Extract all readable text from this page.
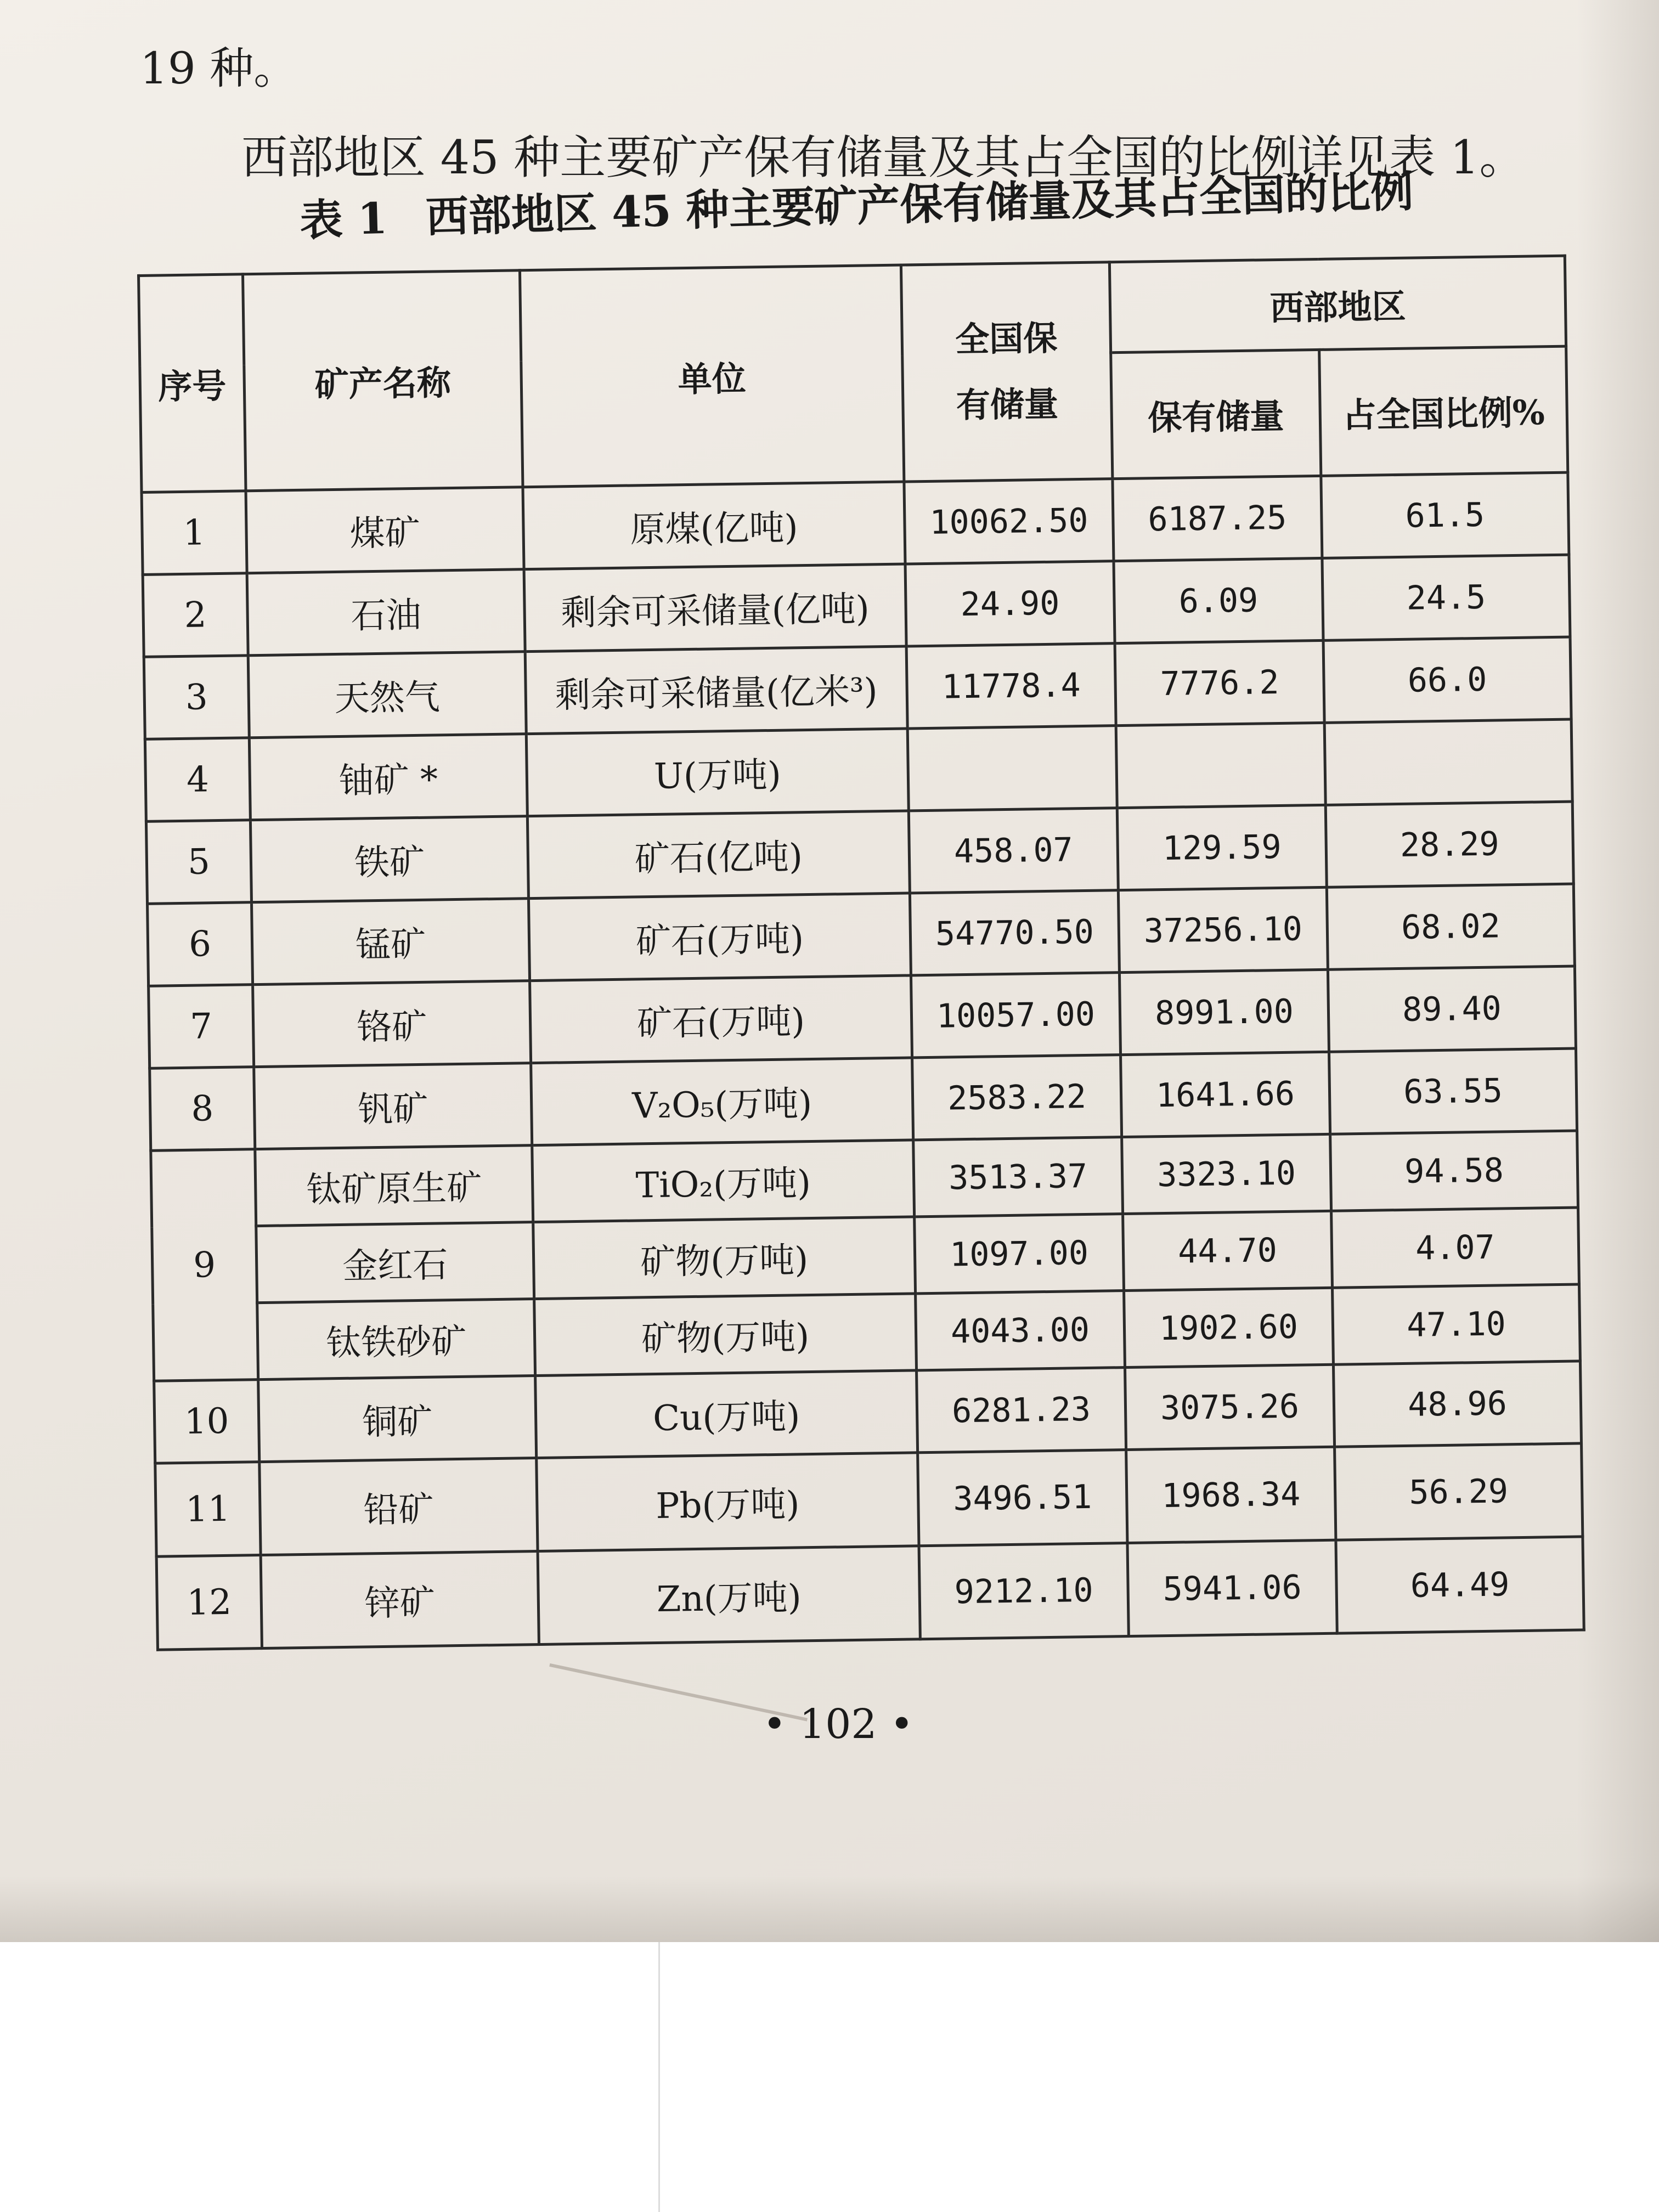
19 种。
西部地区 45 种主要矿产保有储量及其占全国的比例详见表 1。
表 1 西部地区 45 种主要矿产保有储量及其占全国的比例
序号	矿产名称	单位	全国保有储量	西部地区	
				保有储量	占全国比例%
1	煤矿	原煤(亿吨)	10062.50	6187.25	61.5
2	石油	剩余可采储量(亿吨)	24.90	6.09	24.5
3	天然气	剩余可采储量(亿米³)	11778.4	7776.2	66.0
4	铀矿 *	U(万吨)			
5	铁矿	矿石(亿吨)	458.07	129.59	28.29
6	锰矿	矿石(万吨)	54770.50	37256.10	68.02
7	铬矿	矿石(万吨)	10057.00	8991.00	89.40
8	钒矿	V₂O₅(万吨)	2583.22	1641.66	63.55
9	钛矿原生矿	TiO₂(万吨)	3513.37	3323.10	94.58
	金红石	矿物(万吨)	1097.00	44.70	4.07
	钛铁砂矿	矿物(万吨)	4043.00	1902.60	47.10
10	铜矿	Cu(万吨)	6281.23	3075.26	48.96
11	铅矿	Pb(万吨)	3496.51	1968.34	56.29
12	锌矿	Zn(万吨)	9212.10	5941.06	64.49
• 102 •
